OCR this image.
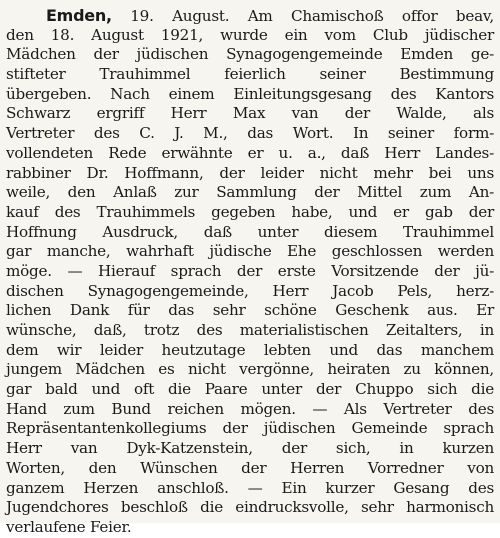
Emden, 19. August. Am Chamischoß offor beav,
den 18. August 1921, wurde ein vom Club jüdischer
Mädchen der jüdischen Synagogengemeinde Emden ge-
stifteter Trauhimmel feierlich seiner Bestimmung
übergeben. Nach einem Einleitungsgesang des Kantors
Schwarz ergriff Herr Max van der Walde, als
Vertreter des C. J. M., das Wort. In seiner form-
vollendeten Rede erwähnte er u. a., daß Herr Landes-
rabbiner Dr. Hoffmann, der leider nicht mehr bei uns
weile, den Anlaß zur Sammlung der Mittel zum An-
kauf des Trauhimmels gegeben habe, und er gab der
Hoffnung Ausdruck, daß unter diesem Trauhimmel
gar manche, wahrhaft jüdische Ehe geschlossen werden
möge. — Hierauf sprach der erste Vorsitzende der jü-
dischen Synagogengemeinde, Herr Jacob Pels, herz-
lichen Dank für das sehr schöne Geschenk aus. Er
wünsche, daß, trotz des materialistischen Zeitalters, in
dem wir leider heutzutage lebten und das manchem
jungem Mädchen es nicht vergönne, heiraten zu können,
gar bald und oft die Paare unter der Chuppo sich die
Hand zum Bund reichen mögen. — Als Vertreter des
Repräsentantenkollegiums der jüdischen Gemeinde sprach
Herr van Dyk-Katzenstein, der sich, in kurzen
Worten, den Wünschen der Herren Vorredner von
ganzem Herzen anschloß. — Ein kurzer Gesang des
Jugendchores beschloß die eindrucksvolle, sehr harmonisch
verlaufene Feier.
